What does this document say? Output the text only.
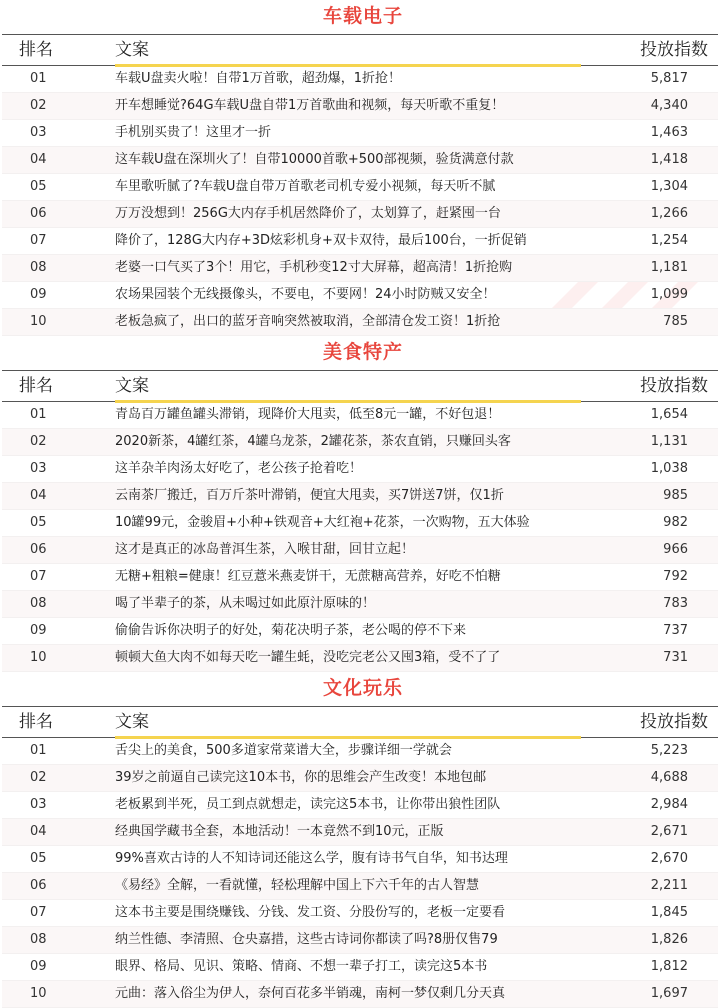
车载电子
排名	文案	投放指数
01	车载U盘卖火啦！自带1万首歌，超劲爆，1折抢！	5,817
02	开车想睡觉?64G车载U盘自带1万首歌曲和视频，每天听歌不重复！	4,340
03	手机别买贵了！这里才一折	1,463
04	这车载U盘在深圳火了！自带10000首歌+500部视频，验货满意付款	1,418
05	车里歌听腻了?车载U盘自带万首歌老司机专爱小视频，每天听不腻	1,304
06	万万没想到！256G大内存手机居然降价了，太划算了，赶紧囤一台	1,266
07	降价了，128G大内存+3D炫彩机身+双卡双待，最后100台，一折促销	1,254
08	老婆一口气买了3个！用它，手机秒变12寸大屏幕，超高清！1折抢购	1,181
09	农场果园装个无线摄像头，不要电，不要网！24小时防贼又安全！	1,099
10	老板急疯了，出口的蓝牙音响突然被取消，全部清仓发工资！1折抢	785
美食特产
排名	文案	投放指数
01	青岛百万罐鱼罐头滞销，现降价大甩卖，低至8元一罐，不好包退！	1,654
02	2020新茶，4罐红茶，4罐乌龙茶，2罐花茶，茶农直销，只赚回头客	1,131
03	这羊杂羊肉汤太好吃了，老公孩子抢着吃！	1,038
04	云南茶厂搬迁，百万斤茶叶滞销，便宜大甩卖，买7饼送7饼，仅1折	985
05	10罐99元，金骏眉+小种+铁观音+大红袍+花茶，一次购物，五大体验	982
06	这才是真正的冰岛普洱生茶，入喉甘甜，回甘立起！	966
07	无糖+粗粮=健康！红豆薏米燕麦饼干，无蔗糖高营养，好吃不怕糖	792
08	喝了半辈子的茶，从未喝过如此原汁原味的！	783
09	偷偷告诉你决明子的好处，菊花决明子茶，老公喝的停不下来	737
10	顿顿大鱼大肉不如每天吃一罐生蚝，没吃完老公又囤3箱，受不了了	731
文化玩乐
排名	文案	投放指数
01	舌尖上的美食，500多道家常菜谱大全，步骤详细一学就会	5,223
02	39岁之前逼自己读完这10本书，你的思维会产生改变！本地包邮	4,688
03	老板累到半死，员工到点就想走，读完这5本书，让你带出狼性团队	2,984
04	经典国学藏书全套，本地活动！一本竟然不到10元，正版	2,671
05	99%喜欢古诗的人不知诗词还能这么学，腹有诗书气自华，知书达理	2,670
06	《易经》全解，一看就懂，轻松理解中国上下六千年的古人智慧	2,211
07	这本书主要是围绕赚钱、分钱、发工资、分股份写的，老板一定要看	1,845
08	纳兰性德、李清照、仓央嘉措，这些古诗词你都读了吗?8册仅售79	1,826
09	眼界、格局、见识、策略、情商、不想一辈子打工，读完这5本书	1,812
10	元曲：落入俗尘为伊人，奈何百花多半销魂，南柯一梦仅剩几分天真	1,697
